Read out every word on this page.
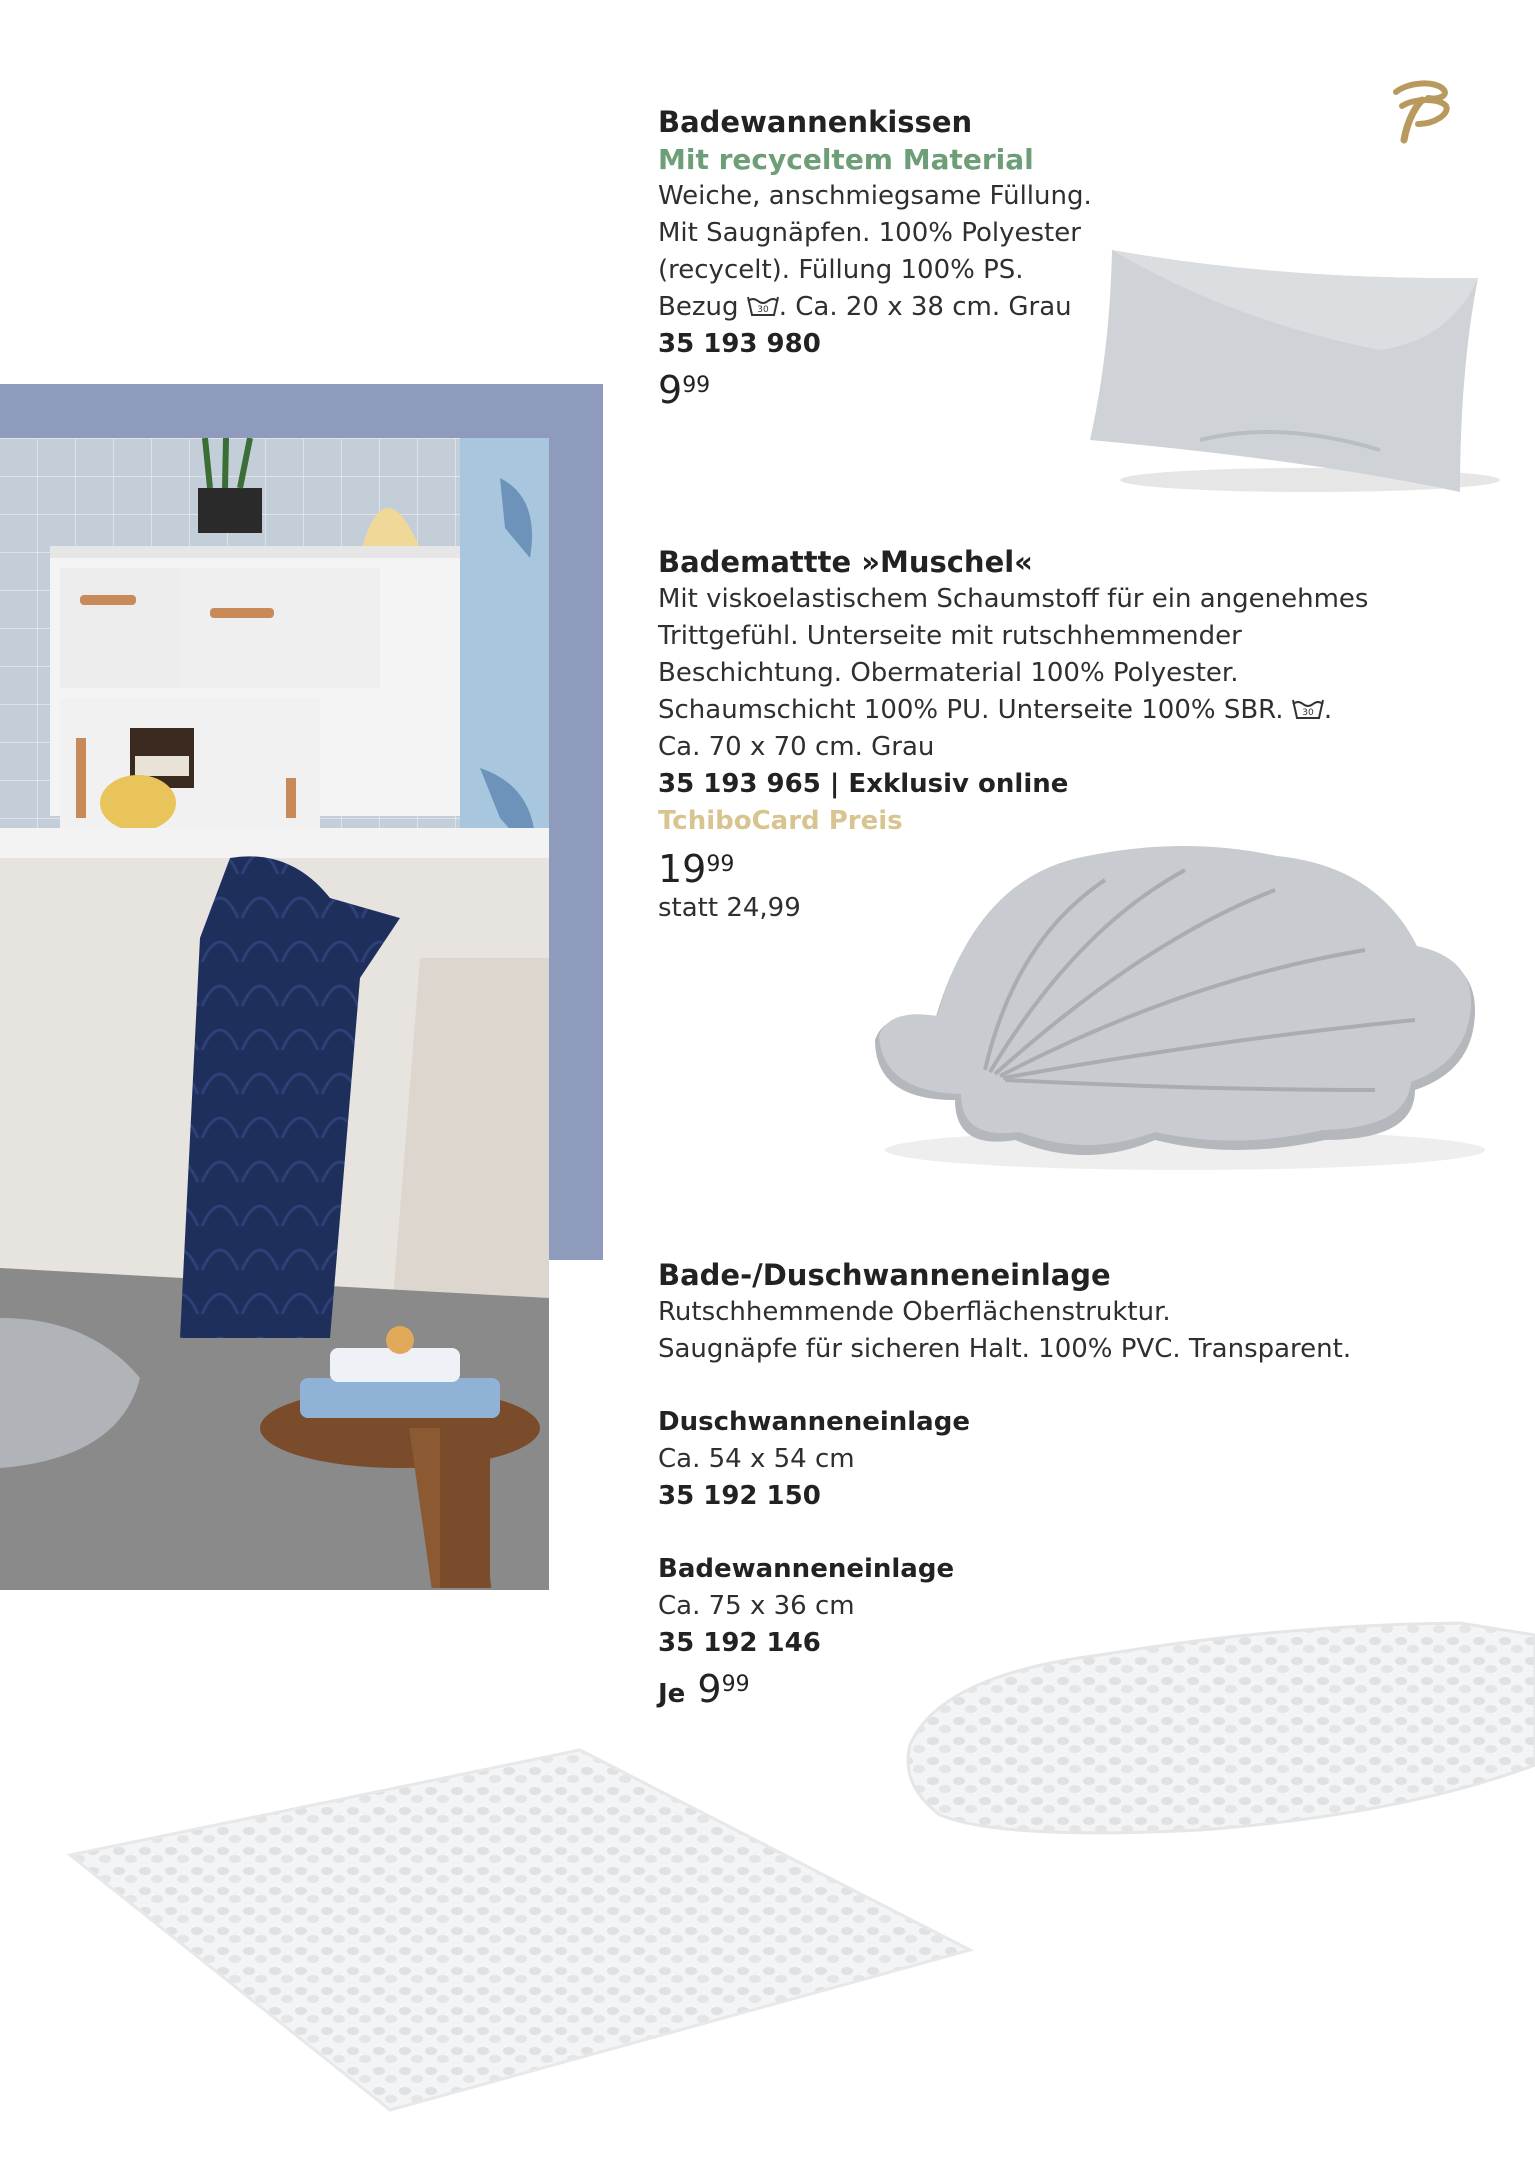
Badewannenkissen
Mit recyceltem Material
Weiche, anschmiegsame Füllung.
Mit Saugnäpfen. 100% Polyester
(recycelt). Füllung 100% PS.
Bezug 30 . Ca. 20 x 38 cm. Grau
35 193 980
$9^{99}$
Bademattte »Muschel«
Mit viskoelastischem Schaumstoff für ein angenehmes
Trittgefühl. Unterseite mit rutschhemmender
Beschichtung. Obermaterial 100% Polyester.
Schaumschicht 100% PU. Unterseite 100% SBR. 30 .
Ca. 70 x 70 cm. Grau
35 193 965 | Exklusiv online
TchiboCard Preis
$19^{99}$
statt 24,99
Bade-/Duschwanneneinlage
Rutschhemmende Oberflächenstruktur.
Saugnäpfe für sicheren Halt. 100% PVC. Transparent.
Duschwanneneinlage
Ca. 54 x 54 cm
35 192 150
Badewanneneinlage
Ca. 75 x 36 cm
35 192 146
Je $9^{99}$
